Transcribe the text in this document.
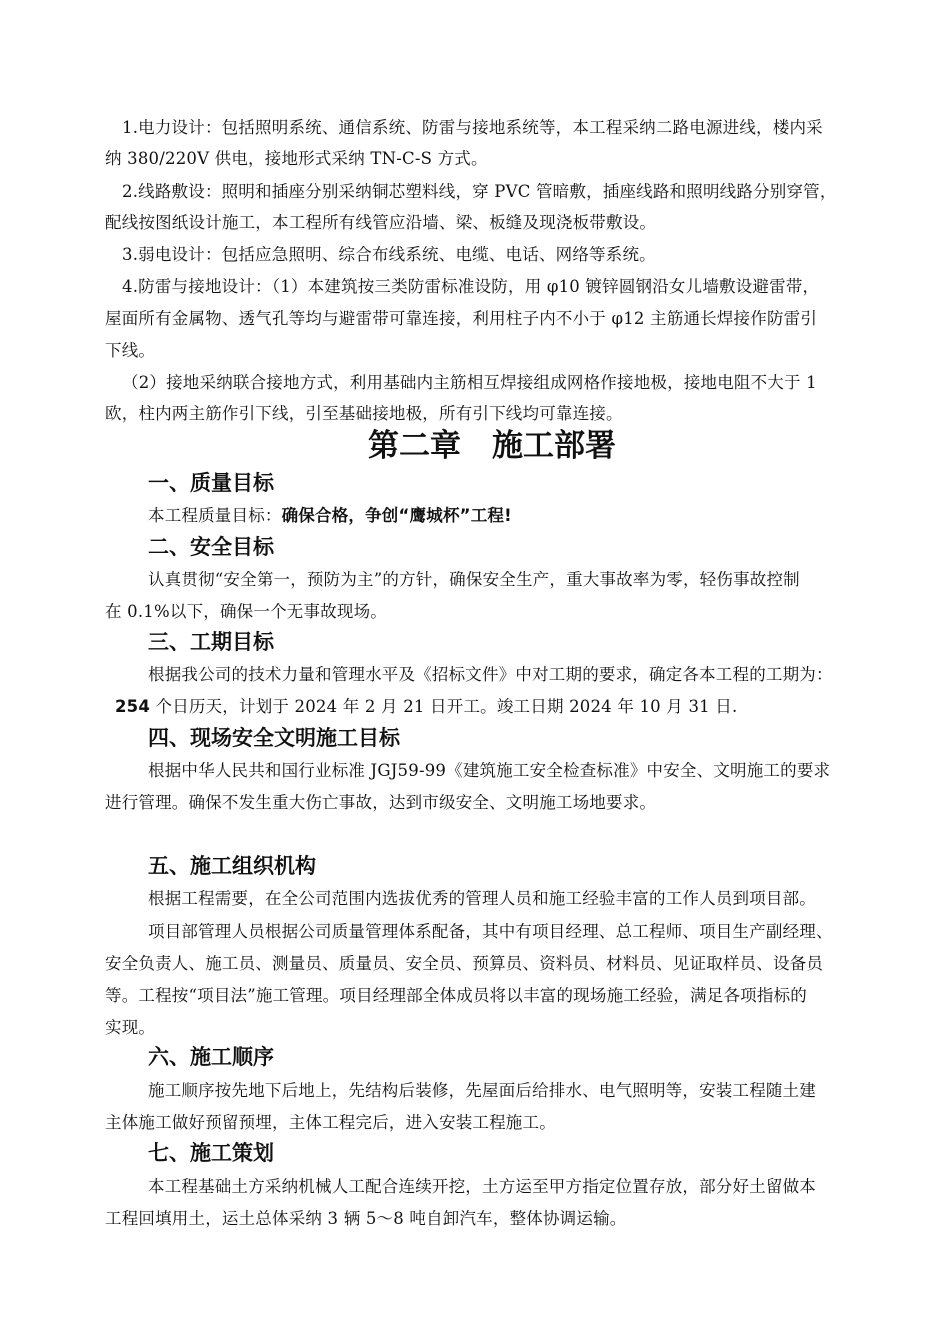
1.电力设计：包括照明系统、通信系统、防雷与接地系统等，本工程采纳二路电源进线，楼内采
纳 380/220V 供电，接地形式采纳 TN-C-S 方式。
2.线路敷设：照明和插座分别采纳铜芯塑料线，穿 PVC 管暗敷，插座线路和照明线路分别穿管，
配线按图纸设计施工，本工程所有线管应沿墙、梁、板缝及现浇板带敷设。
3.弱电设计：包括应急照明、综合布线系统、电缆、电话、网络等系统。
4.防雷与接地设计：（1）本建筑按三类防雷标准设防，用 φ10 镀锌圆钢沿女儿墙敷设避雷带，
屋面所有金属物、透气孔等均与避雷带可靠连接，利用柱子内不小于 φ12 主筋通长焊接作防雷引
下线。
（2）接地采纳联合接地方式，利用基础内主筋相互焊接组成网格作接地极，接地电阻不大于 1
欧，柱内两主筋作引下线，引至基础接地极，所有引下线均可靠连接。
第二章　施工部署
一、质量目标
本工程质量目标：确保合格，争创“鹰城杯”工程!
二、安全目标
认真贯彻“安全第一，预防为主”的方针，确保安全生产，重大事故率为零，轻伤事故控制
在 0.1%以下，确保一个无事故现场。
三、工期目标
根据我公司的技术力量和管理水平及《招标文件》中对工期的要求，确定各本工程的工期为：
254 个日历天，计划于 2024 年 2 月 21 日开工。竣工日期 2024 年 10 月 31 日.
四、现场安全文明施工目标
根据中华人民共和国行业标准 JGJ59-99《建筑施工安全检查标准》中安全、文明施工的要求
进行管理。确保不发生重大伤亡事故，达到市级安全、文明施工场地要求。
五、施工组织机构
根据工程需要，在全公司范围内选拔优秀的管理人员和施工经验丰富的工作人员到项目部。
项目部管理人员根据公司质量管理体系配备，其中有项目经理、总工程师、项目生产副经理、
安全负责人、施工员、测量员、质量员、安全员、预算员、资料员、材料员、见证取样员、设备员
等。工程按“项目法”施工管理。项目经理部全体成员将以丰富的现场施工经验，满足各项指标的
实现。
六、施工顺序
施工顺序按先地下后地上，先结构后装修，先屋面后给排水、电气照明等，安装工程随土建
主体施工做好预留预埋，主体工程完后，进入安装工程施工。
七、施工策划
本工程基础土方采纳机械人工配合连续开挖，土方运至甲方指定位置存放，部分好土留做本
工程回填用土，运土总体采纳 3 辆 5～8 吨自卸汽车，整体协调运输。
